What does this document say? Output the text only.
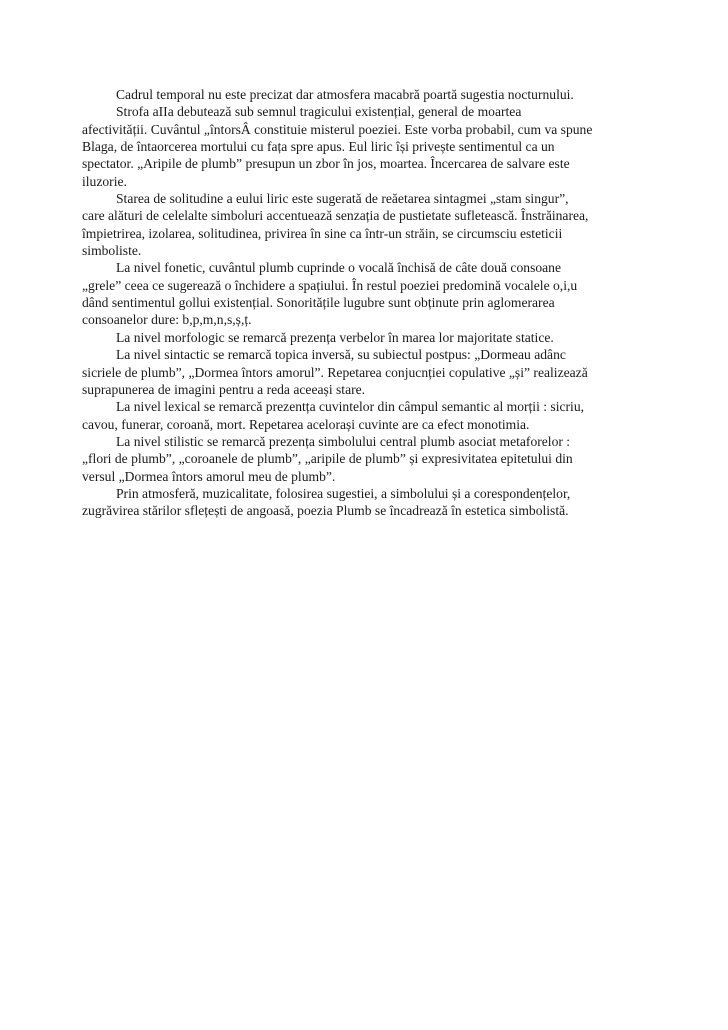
Cadrul temporal nu este precizat dar atmosfera macabră poartă sugestia nocturnului.
Strofa aIIa debutează sub semnul tragicului existențial, general de moartea
afectivității. Cuvântul „întorsÂ constituie misterul poeziei. Este vorba probabil, cum va spune
Blaga, de întaorcerea mortului cu fața spre apus. Eul liric își privește sentimentul ca un
spectator. „Aripile de plumb” presupun un zbor în jos, moartea. Încercarea de salvare este
iluzorie.
Starea de solitudine a eului liric este sugerată de reăetarea sintagmei „stam singur”,
care alături de celelalte simboluri accentuează senzația de pustietate sufletească. Înstrăinarea,
împietrirea, izolarea, solitudinea, privirea în sine ca într-un străin, se circumsciu esteticii
simboliste.
La nivel fonetic, cuvântul plumb cuprinde o vocală închisă de câte două consoane
„grele” ceea ce sugerează o închidere a spațiului. În restul poeziei predomină vocalele o,i,u
dând sentimentul gollui existențial. Sonoritățile lugubre sunt obținute prin aglomerarea
consoanelor dure: b,p,m,n,s,ș,ț.
La nivel morfologic se remarcă prezența verbelor în marea lor majoritate statice.
La nivel sintactic se remarcă topica inversă, su subiectul postpus: „Dormeau adânc
sicriele de plumb”, „Dormea întors amorul”. Repetarea conjucnției copulative „și” realizează
suprapunerea de imagini pentru a reda aceeași stare.
La nivel lexical se remarcă prezentța cuvintelor din câmpul semantic al morții : sicriu,
cavou, funerar, coroană, mort. Repetarea acelorași cuvinte are ca efect monotimia.
La nivel stilistic se remarcă prezența simbolului central plumb asociat metaforelor :
„flori de plumb”, „coroanele de plumb”, „aripile de plumb” și expresivitatea epitetului din
versul „Dormea întors amorul meu de plumb”.
Prin atmosferă, muzicalitate, folosirea sugestiei, a simbolului și a corespondențelor,
zugrăvirea stărilor sflețești de angoasă, poezia Plumb se încadrează în estetica simbolistă.
